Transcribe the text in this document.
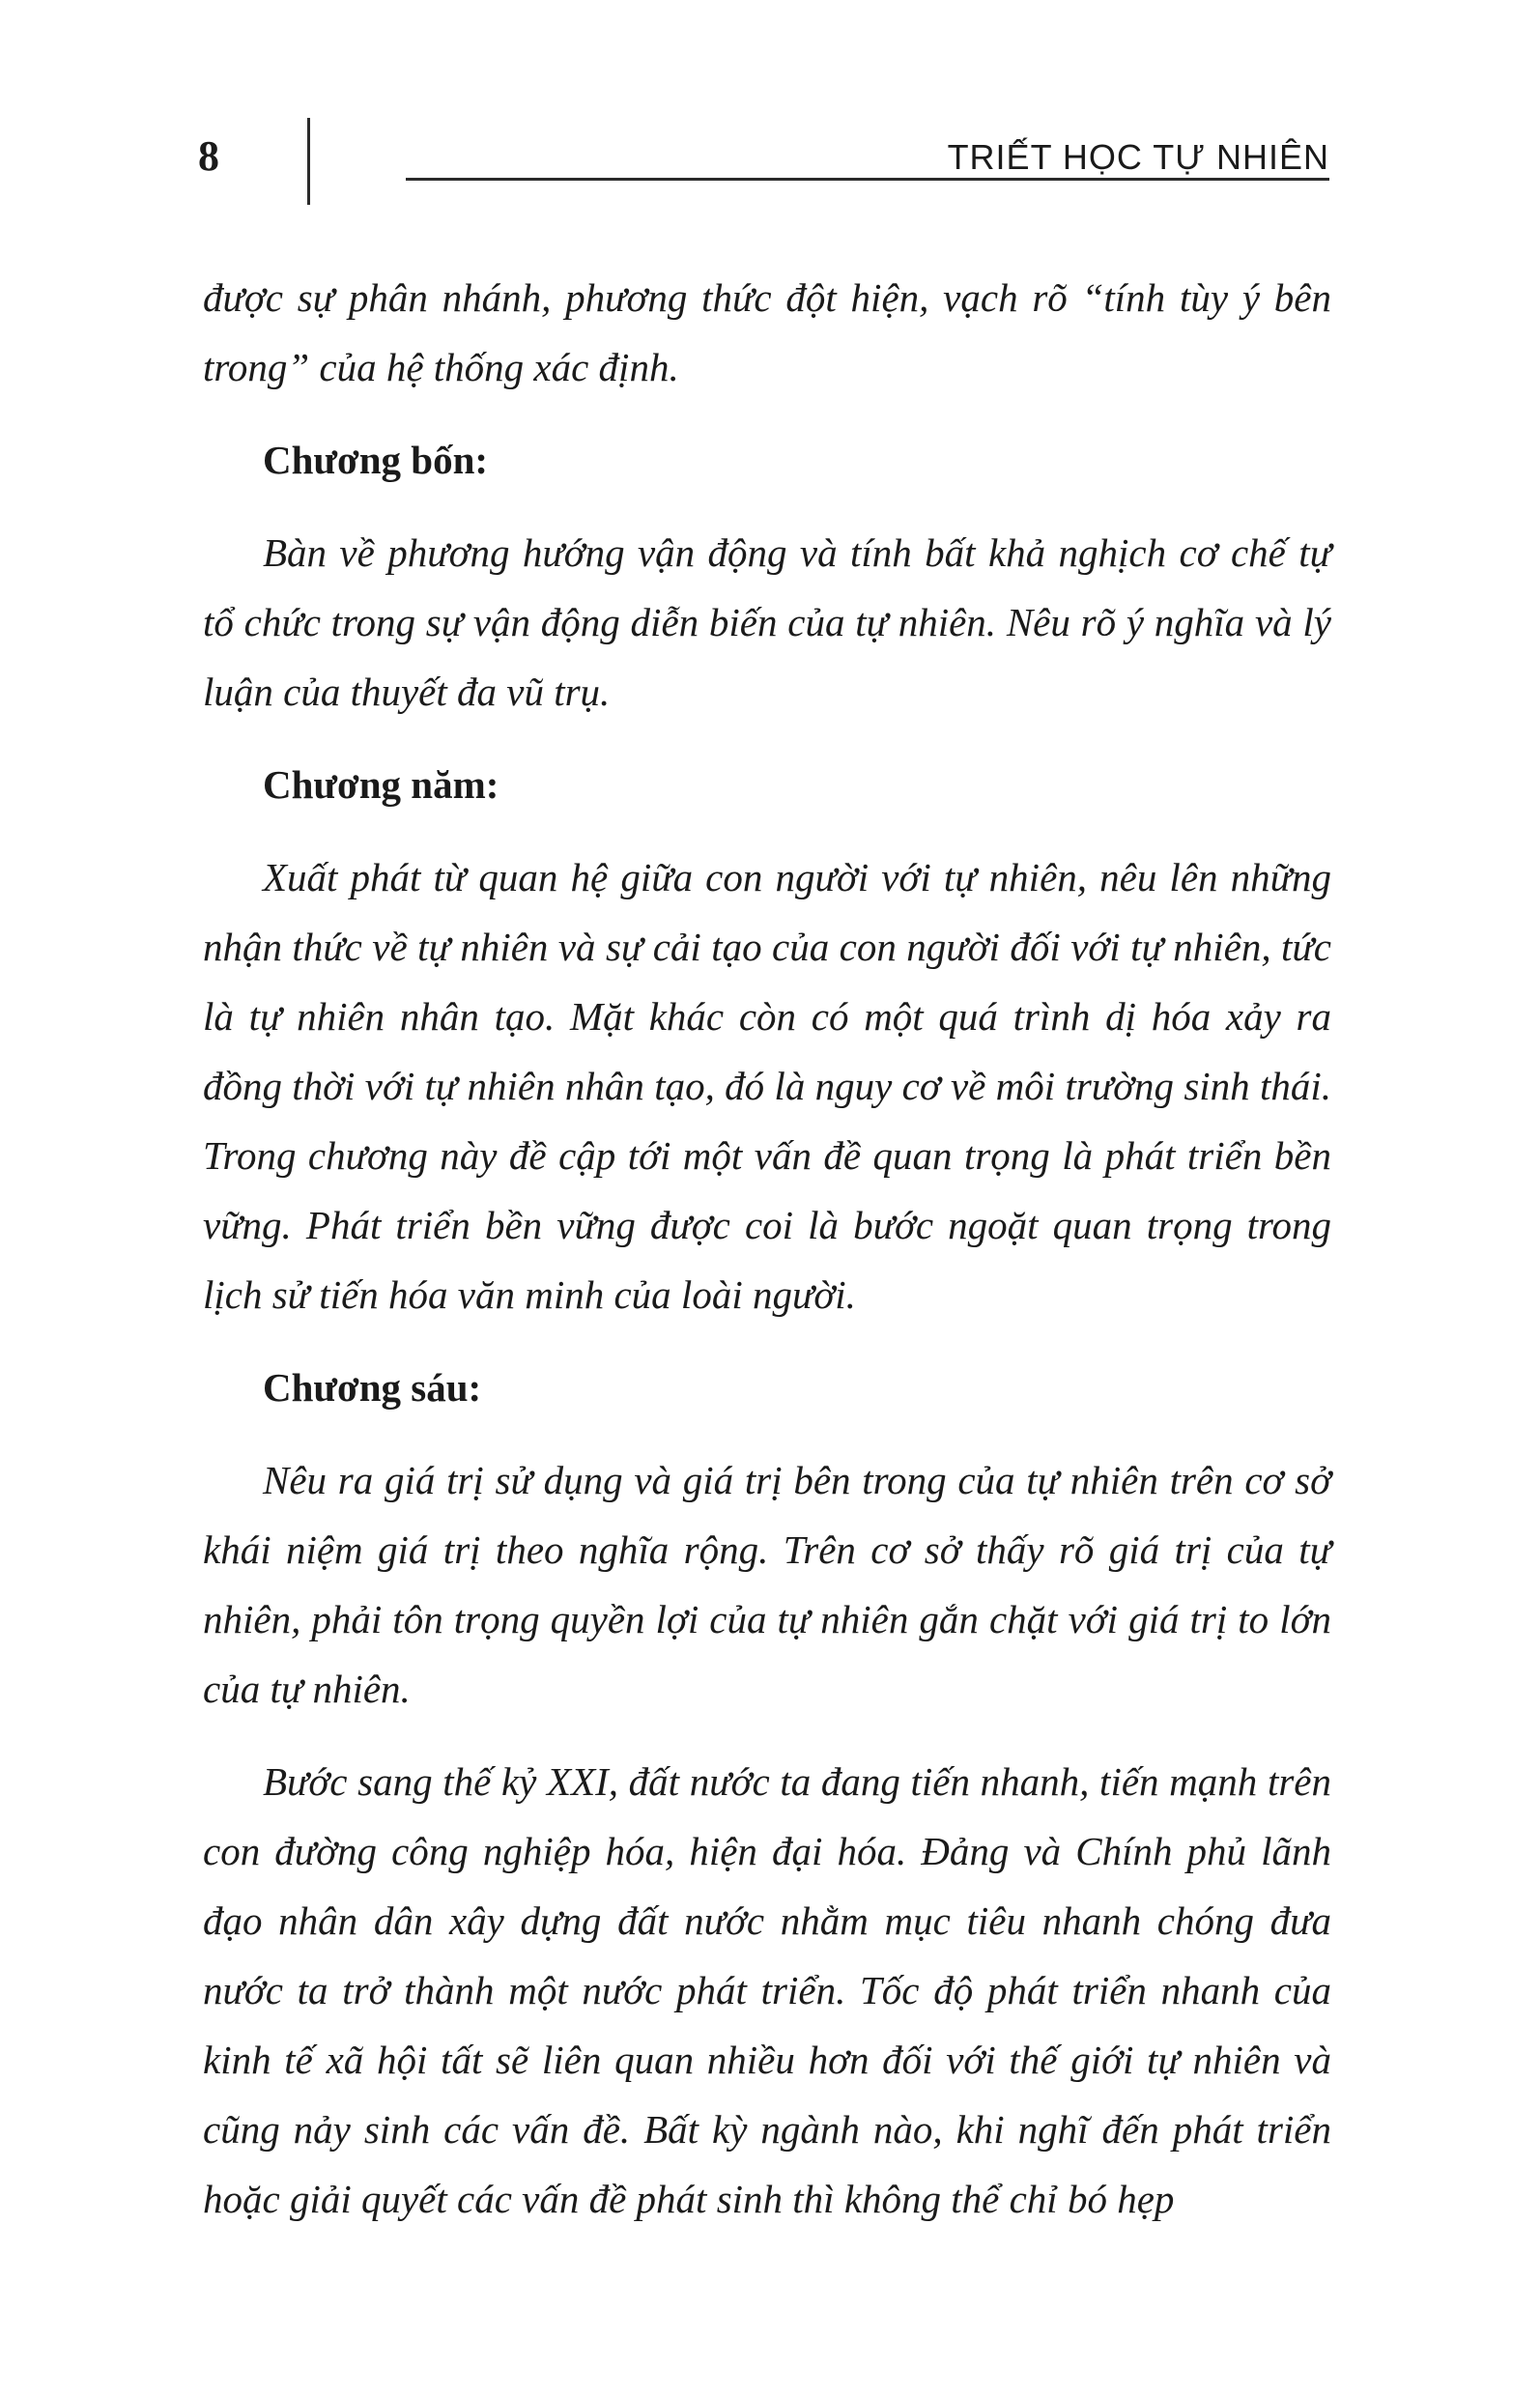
8	TRIẾT HỌC TỰ NHIÊN

được sự phân nhánh, phương thức đột hiện, vạch rõ “tính tùy ý bên trong” của hệ thống xác định.

Chương bốn:

Bàn về phương hướng vận động và tính bất khả nghịch cơ chế tự tổ chức trong sự vận động diễn biến của tự nhiên. Nêu rõ ý nghĩa và lý luận của thuyết đa vũ trụ.

Chương năm:

Xuất phát từ quan hệ giữa con người với tự nhiên, nêu lên những nhận thức về tự nhiên và sự cải tạo của con người đối với tự nhiên, tức là tự nhiên nhân tạo. Mặt khác còn có một quá trình dị hóa xảy ra đồng thời với tự nhiên nhân tạo, đó là nguy cơ về môi trường sinh thái. Trong chương này đề cập tới một vấn đề quan trọng là phát triển bền vững. Phát triển bền vững được coi là bước ngoặt quan trọng trong lịch sử tiến hóa văn minh của loài người.

Chương sáu:

Nêu ra giá trị sử dụng và giá trị bên trong của tự nhiên trên cơ sở khái niệm giá trị theo nghĩa rộng. Trên cơ sở thấy rõ giá trị của tự nhiên, phải tôn trọng quyền lợi của tự nhiên gắn chặt với giá trị to lớn của tự nhiên.

Bước sang thế kỷ XXI, đất nước ta đang tiến nhanh, tiến mạnh trên con đường công nghiệp hóa, hiện đại hóa. Đảng và Chính phủ lãnh đạo nhân dân xây dựng đất nước nhằm mục tiêu nhanh chóng đưa nước ta trở thành một nước phát triển. Tốc độ phát triển nhanh của kinh tế xã hội tất sẽ liên quan nhiều hơn đối với thế giới tự nhiên và cũng nảy sinh các vấn đề. Bất kỳ ngành nào, khi nghĩ đến phát triển hoặc giải quyết các vấn đề phát sinh thì không thể chỉ bó hẹp
